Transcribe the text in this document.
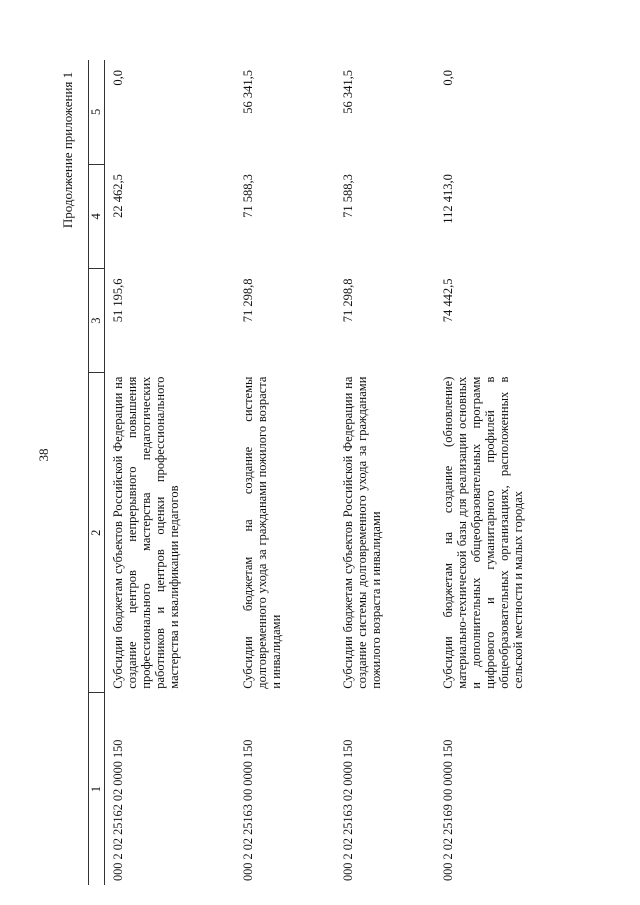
38
Продолжение приложения 1
1	2	3	4	5
000 2 02 25162 02 0000 150	Субсидии бюджетам субъектов Российской Федерации на создание центров непрерывного повышения профессионального мастерства педагогических работников и центров оценки профессионального мастерства и квалификации педагогов	51 195,6	22 462,5	0,0
000 2 02 25163 00 0000 150	Субсидии бюджетам на создание системы долговременного ухода за гражданами пожилого возраста и инвалидами	71 298,8	71 588,3	56 341,5
000 2 02 25163 02 0000 150	Субсидии бюджетам субъектов Российской Федерации на создание системы долговременного ухода за гражданами пожилого возраста и инвалидами	71 298,8	71 588,3	56 341,5
000 2 02 25169 00 0000 150	Субсидии бюджетам на создание (обновление) материально-технической базы для реализации основных и дополнительных общеобразовательных программ цифрового и гуманитарного профилей в общеобразовательных организациях, расположенных в сельской местности и малых городах	74 442,5	112 413,0	0,0
